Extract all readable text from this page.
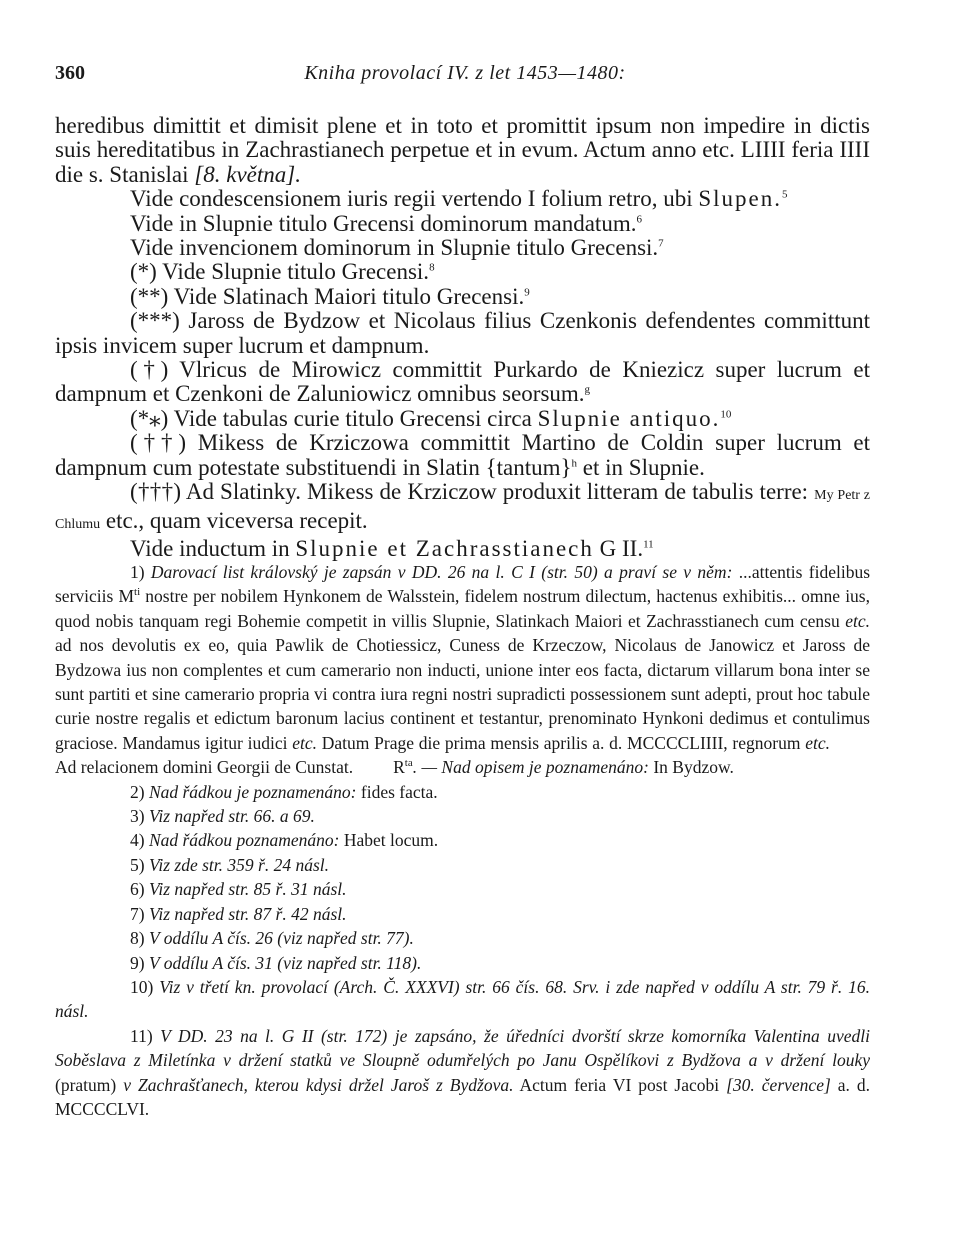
360	Kniha provolací IV. z let 1453—1480:

heredibus dimittit et dimisit plene et in toto et promittit ipsum non impedire in dictis suis hereditatibus in Zachrastianech perpetue et in evum. Actum anno etc. LIIII feria IIII die s. Stanislai [8. května].

Vide condescensionem iuris regii vertendo I folium retro, ubi Slupen.$^5$

Vide in Slupnie titulo Grecensi dominorum mandatum.$^6$

Vide invencionem dominorum in Slupnie titulo Grecensi.$^7$

(*) Vide Slupnie titulo Grecensi.$^8$

(**) Vide Slatinach Maiori titulo Grecensi.$^9$

(***) Jaross de Bydzow et Nicolaus filius Czenkonis defendentes committunt ipsis invicem super lucrum et dampnum.

(†) Vlricus de Mirowicz committit Purkardo de Kniezicz super lucrum et dampnum et Czenkoni de Zaluniowicz omnibus seorsum.$^g$

(*⁎) Vide tabulas curie titulo Grecensi circa Slupnie antiquo.$^{10}$

(††) Mikess de Krziczowa committit Martino de Coldin super lucrum et dampnum cum potestate substituendi in Slatin {tantum}$^h$ et in Slupnie.

(†††) Ad Slatinky. Mikess de Krziczow produxit litteram de tabulis terre: My Petr z Chlumu etc., quam viceversa recepit.

Vide inductum in Slupnie et Zachrasstianech G II.$^{11}$

1) Darovací list královský je zapsán v DD. 26 na l. C I (str. 50) a praví se v něm: ...attentis fidelibus serviciis $M^{ti}$ nostre per nobilem Hynkonem de Walsstein, fidelem nostrum dilectum, hactenus exhibitis... omne ius, quod nobis tanquam regi Bohemie competit in villis Slupnie, Slatinkach Maiori et Zachrasstianech cum censu etc. ad nos devolutis ex eo, quia Pawlik de Chotiessicz, Cuness de Krzeczow, Nicolaus de Janowicz et Jaross de Bydzowa ius non complentes et cum camerario non inducti, unione inter eos facta, dictarum villarum bona inter se sunt partiti et sine camerario propria vi contra iura regni nostri supradicti possessionem sunt adepti, prout hoc tabule curie nostre regalis et edictum baronum lacius continent et testantur, prenominato Hynkoni dedimus et contulimus graciose. Mandamus igitur iudici etc. Datum Prage die prima mensis aprilis a. d. MCCCCLIIII, regnorum etc.Ad relacionem domini Georgii de Cunstat. $R^{ta}$. — Nad opisem je poznamenáno: In Bydzow.

2) Nad řádkou je poznamenáno: fides facta.

3) Viz napřed str. 66. a 69.

4) Nad řádkou poznamenáno: Habet locum.

5) Viz zde str. 359 ř. 24 násl.

6) Viz napřed str. 85 ř. 31 násl.

7) Viz napřed str. 87 ř. 42 násl.

8) V oddílu A čís. 26 (viz napřed str. 77).

9) V oddílu A čís. 31 (viz napřed str. 118).

10) Viz v třetí kn. provolací (Arch. Č. XXXVI) str. 66 čís. 68. Srv. i zde napřed v oddílu A str. 79 ř. 16. násl.

11) V DD. 23 na l. G II (str. 172) je zapsáno, že úředníci dvorští skrze komorníka Valentina uvedli Soběslava z Miletínka v držení statků ve Sloupně odumřelých po Janu Ospělíkovi z Bydžova a v držení louky (pratum) v Zachrašťanech, kterou kdysi držel Jaroš z Bydžova. Actum feria VI post Jacobi [30. července] a. d. MCCCCLVI.
